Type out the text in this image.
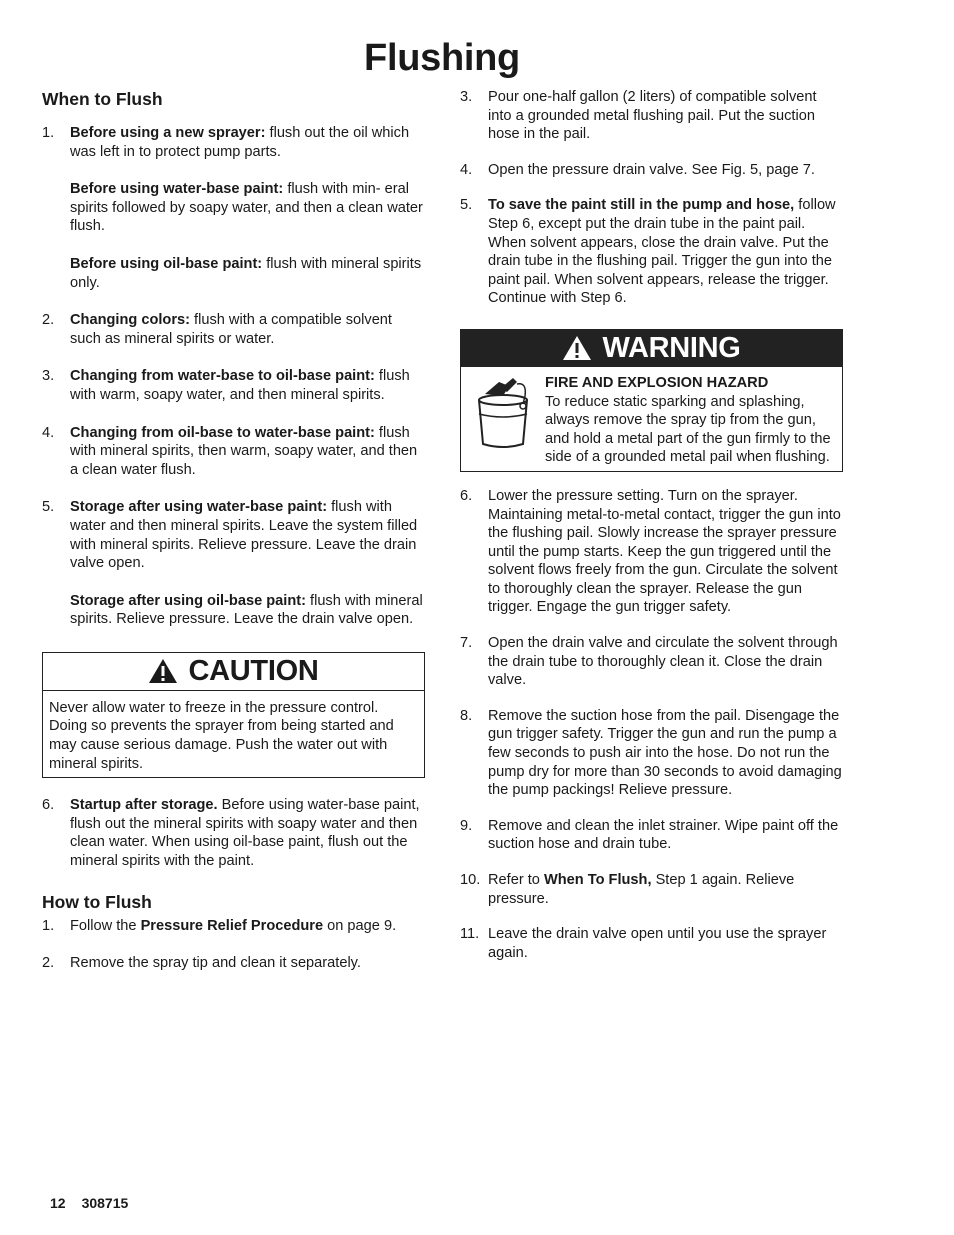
Flushing
When to Flush
1. Before using a new sprayer: flush out the oil which was left in to protect pump parts.

Before using water-base paint: flush with min- eral spirits followed by soapy water, and then a clean water flush.

Before using oil-base paint: flush with mineral spirits only.

2. Changing colors: flush with a compatible solvent such as mineral spirits or water.

3. Changing from water-base to oil-base paint: flush with warm, soapy water, and then mineral spirits.

4. Changing from oil-base to water-base paint: flush with mineral spirits, then warm, soapy water, and then a clean water flush.

5. Storage after using water-base paint: flush with water and then mineral spirits. Leave the system filled with mineral spirits. Relieve pressure. Leave the drain valve open.

Storage after using oil-base paint: flush with mineral spirits. Relieve pressure. Leave the drain valve open.

CAUTION
Never allow water to freeze in the pressure control. Doing so prevents the sprayer from being started and may cause serious damage. Push the water out with mineral spirits.
6. Startup after storage. Before using water-base paint, flush out the mineral spirits with soapy water and then clean water. When using oil-base paint, flush out the mineral spirits with the paint.

How to Flush
1. Follow the Pressure Relief Procedure on page 9.

2. Remove the spray tip and clean it separately.

3. Pour one-half gallon (2 liters) of compatible solvent into a grounded metal flushing pail. Put the suction hose in the pail.

4. Open the pressure drain valve. See Fig. 5, page 7.

5. To save the paint still in the pump and hose, follow Step 6, except put the drain tube in the paint pail. When solvent appears, close the drain valve. Put the drain tube in the flushing pail. Trigger the gun into the paint pail. When solvent appears, release the trigger. Continue with Step 6.

WARNING
FIRE AND EXPLOSION HAZARD
To reduce static sparking and splashing, always remove the spray tip from the gun, and hold a metal part of the gun firmly to the side of a grounded metal pail when flushing.
6. Lower the pressure setting. Turn on the sprayer. Maintaining metal-to-metal contact, trigger the gun into the flushing pail. Slowly increase the sprayer pressure until the pump starts. Keep the gun triggered until the solvent flows freely from the gun. Circulate the solvent to thoroughly clean the sprayer. Release the gun trigger. Engage the gun trigger safety.

7. Open the drain valve and circulate the solvent through the drain tube to thoroughly clean it. Close the drain valve.

8. Remove the suction hose from the pail. Disengage the gun trigger safety. Trigger the gun and run the pump a few seconds to push air into the hose. Do not run the pump dry for more than 30 seconds to avoid damaging the pump packings! Relieve pressure.

9. Remove and clean the inlet strainer. Wipe paint off the suction hose and drain tube.

10. Refer to When To Flush, Step 1 again. Relieve pressure.

11. Leave the drain valve open until you use the sprayer again.

12 308715
